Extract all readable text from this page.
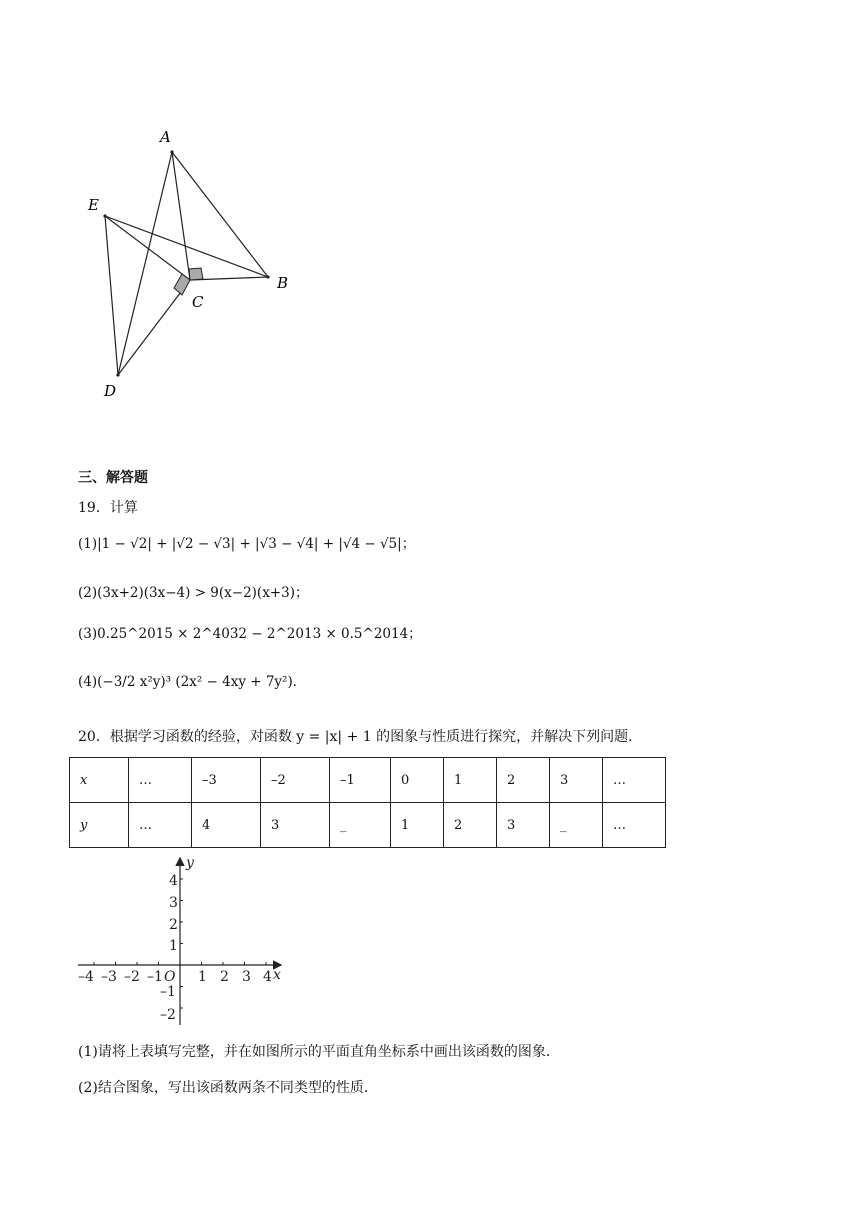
A
B
C
D
E
三、解答题
19．计算
(1)|1 − √2| + |√2 − √3| + |√3 − √4| + |√4 − √5|；
(2)(3x+2)(3x−4) > 9(x−2)(x+3)；
(3)0.25^2015 × 2^4032 − 2^2013 × 0.5^2014；
(4)(−3/2 x²y)³ (2x² − 4xy + 7y²)．
20．根据学习函数的经验，对函数 y = |x| + 1 的图象与性质进行探究，并解决下列问题．
x	…	–3	–2	–1	0	1	2	3	…
y	…	4	3	_	1	2	3	_	…
–4 –3 –2 –1	1 2 3 4
O	x
y
4
3
2
1
–1
–2
(1)请将上表填写完整，并在如图所示的平面直角坐标系中画出该函数的图象．
(2)结合图象，写出该函数两条不同类型的性质．
